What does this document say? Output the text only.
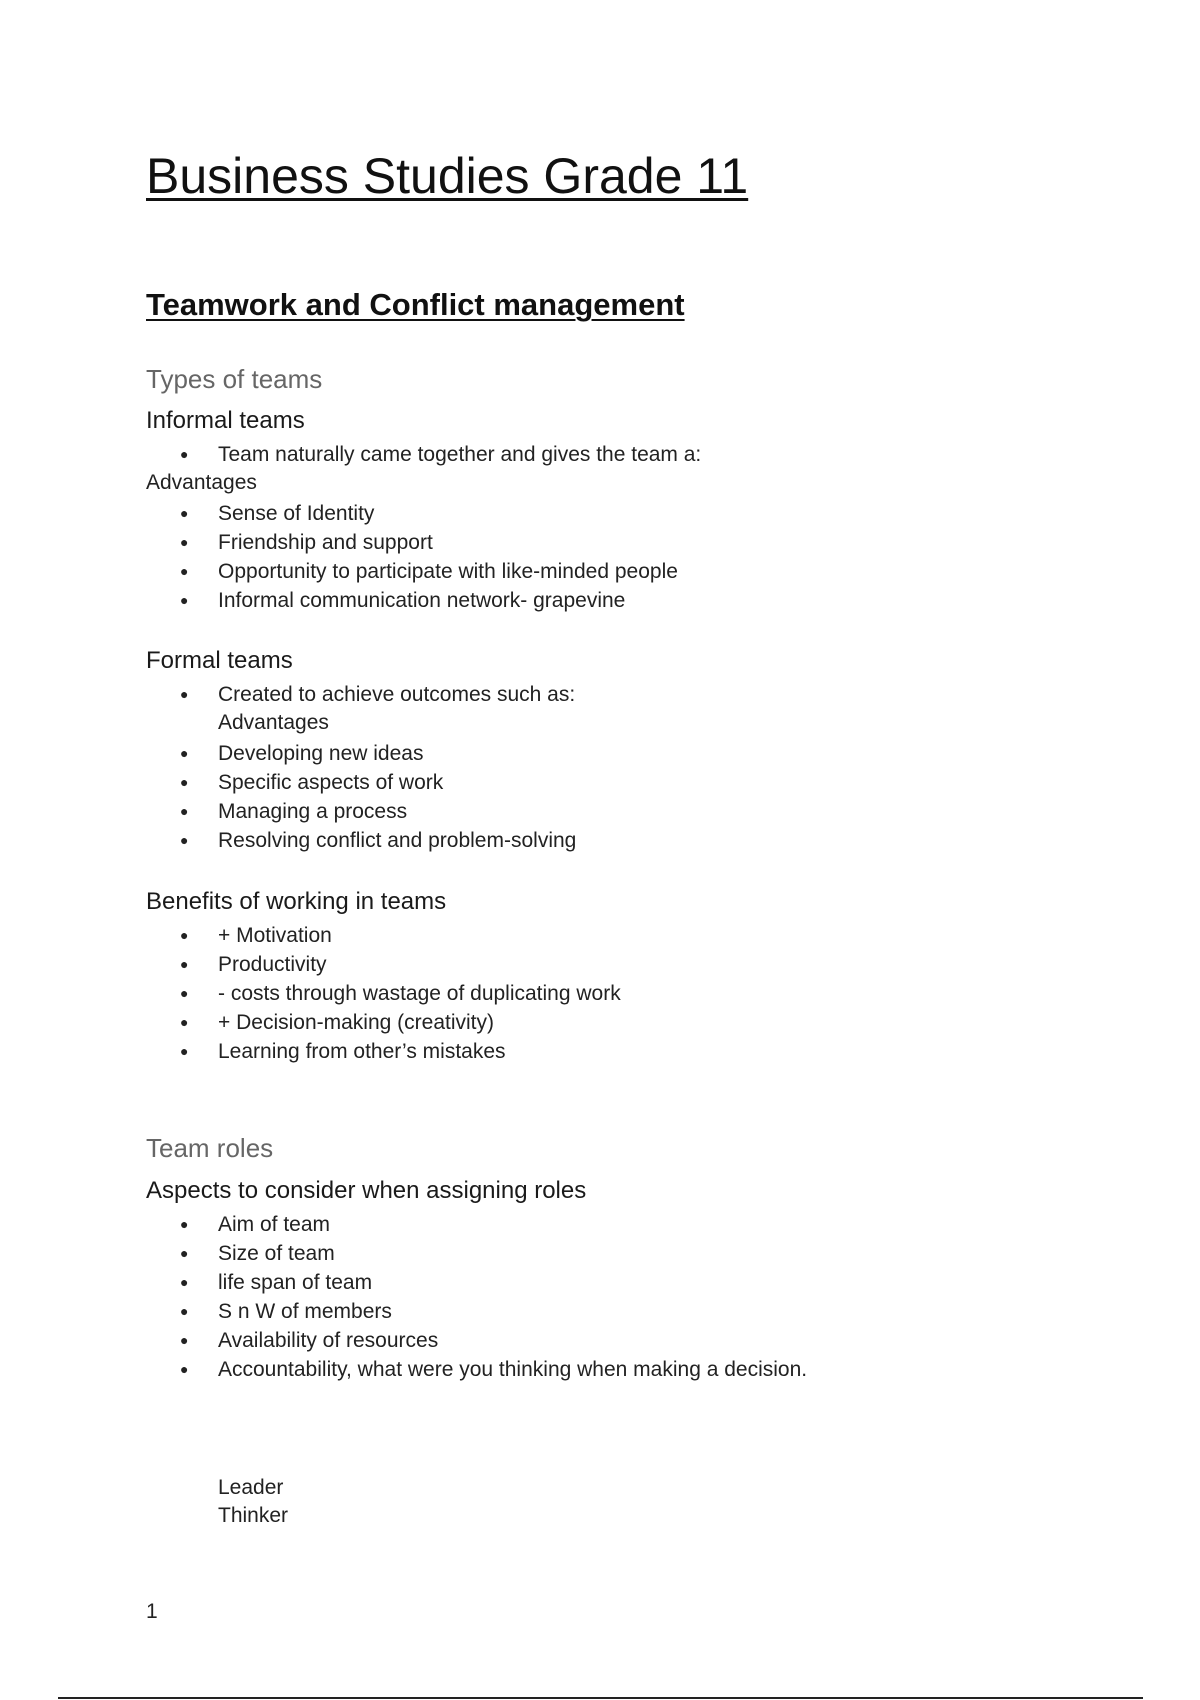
Business Studies Grade 11
Teamwork and Conflict management
Types of teams
Informal teams
● Team naturally came together and gives the team a:
Advantages
● Sense of Identity
● Friendship and support
● Opportunity to participate with like-minded people
● Informal communication network- grapevine
Formal teams
● Created to achieve outcomes such as:
Advantages
● Developing new ideas
● Specific aspects of work
● Managing a process
● Resolving conflict and problem-solving
Benefits of working in teams
● + Motivation
● Productivity
● - costs through wastage of duplicating work
● + Decision-making (creativity)
● Learning from other’s mistakes
Team roles
Aspects to consider when assigning roles
● Aim of team
● Size of team
● life span of team
● S n W of members
● Availability of resources
● Accountability, what were you thinking when making a decision.
Leader
Thinker
1
